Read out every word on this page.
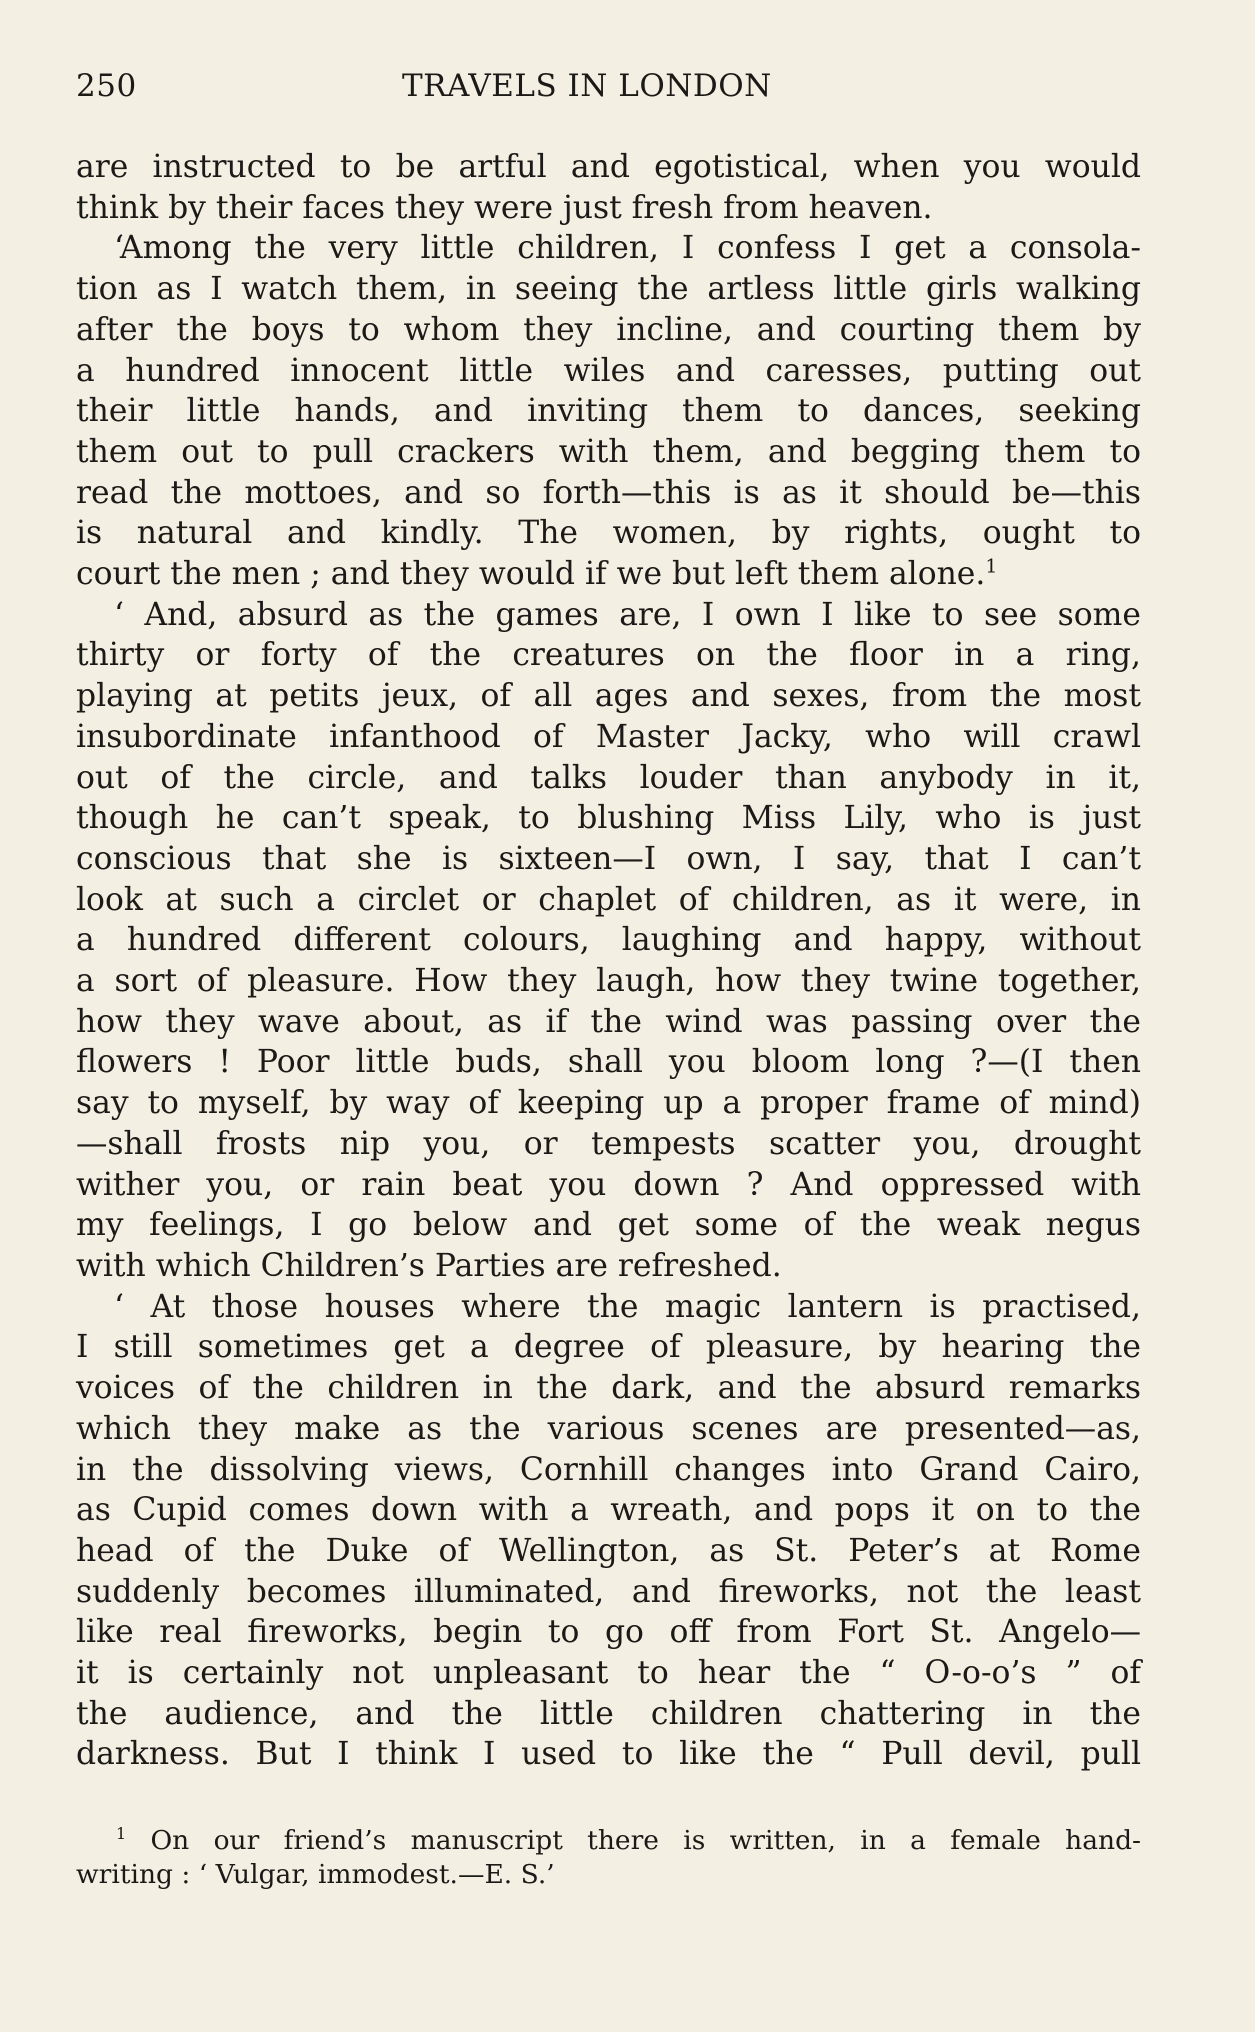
250	TRAVELS IN LONDON
are instructed to be artful and egotistical, when you would
think by their faces they were just fresh from heaven.
‘Among the very little children, I confess I get a consola-
tion as I watch them, in seeing the artless little girls walking
after the boys to whom they incline, and courting them by
a hundred innocent little wiles and caresses, putting out
their little hands, and inviting them to dances, seeking
them out to pull crackers with them, and begging them to
read the mottoes, and so forth—this is as it should be—this
is natural and kindly. The women, by rights, ought to
court the men ; and they would if we but left them alone.$^1$
‘ And, absurd as the games are, I own I like to see some
thirty or forty of the creatures on the floor in a ring,
playing at petits jeux, of all ages and sexes, from the most
insubordinate infanthood of Master Jacky, who will crawl
out of the circle, and talks louder than anybody in it,
though he can’t speak, to blushing Miss Lily, who is just
conscious that she is sixteen—I own, I say, that I can’t
look at such a circlet or chaplet of children, as it were, in
a hundred different colours, laughing and happy, without
a sort of pleasure. How they laugh, how they twine together,
how they wave about, as if the wind was passing over the
flowers ! Poor little buds, shall you bloom long ?—(I then
say to myself, by way of keeping up a proper frame of mind)
—shall frosts nip you, or tempests scatter you, drought
wither you, or rain beat you down ? And oppressed with
my feelings, I go below and get some of the weak negus
with which Children’s Parties are refreshed.
‘ At those houses where the magic lantern is practised,
I still sometimes get a degree of pleasure, by hearing the
voices of the children in the dark, and the absurd remarks
which they make as the various scenes are presented—as,
in the dissolving views, Cornhill changes into Grand Cairo,
as Cupid comes down with a wreath, and pops it on to the
head of the Duke of Wellington, as St. Peter’s at Rome
suddenly becomes illuminated, and fireworks, not the least
like real fireworks, begin to go off from Fort St. Angelo—
it is certainly not unpleasant to hear the “ O-o-o’s ” of
the audience, and the little children chattering in the
darkness. But I think I used to like the “ Pull devil, pull
$^1$ On our friend’s manuscript there is written, in a female hand-
writing : ‘ Vulgar, immodest.—E. S.’
